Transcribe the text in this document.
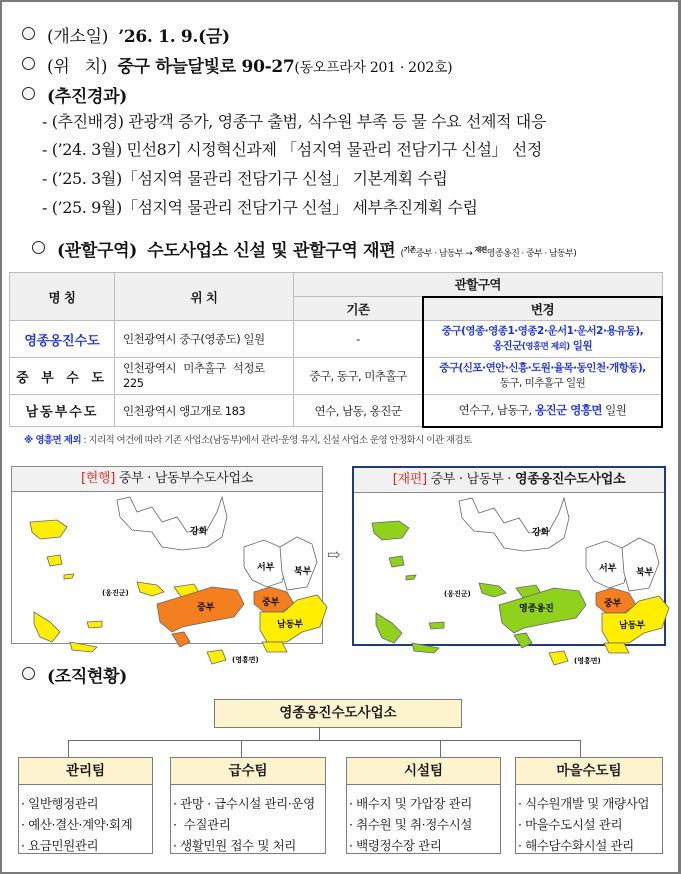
(개소일) ’26. 1. 9.(금)
(위   치) 중구 하늘달빛로 90-27(동오프라자 201 · 202호)
(추진경과)
- (추진배경) 관광객 증가, 영종구 출범, 식수원 부족 등 물 수요 선제적 대응
- (’24. 3월) 민선8기 시정혁신과제 「섬지역 물관리 전담기구 신설」 선정
- (’25. 3월)「섬지역 물관리 전담기구 신설」 기본계획 수립
- (’25. 9월)「섬지역 물관리 전담기구 신설」 세부추진계획 수립
(관할구역) 수도사업소 신설 및 관할구역 재편 ($^{기존}$중부 · 남동부 → $^{재편}$영종옹진 · 중부 · 남동부)
명 칭	위 치	관할구역	
		기존	변경
영종옹진수도	인천광역시 중구(영종도) 일원	-	중구(영종·영종1·영종2·운서1·운서2·용유동),
옹진군(영흥면 제외) 일원
중 부 수 도	인천광역시 미추홀구 석정로 225	중구, 동구, 미추홀구	중구(신포·연안·신흥·도원·율목·동인천·개항동),
동구, 미추홀구 일원
남동부수도	인천광역시 앵고개로 183	연수, 남동, 옹진군	연수구, 남동구, 옹진군 영흥면 일원
※ 영흥면 제외 : 지리적 여건에 따라 기존 사업소(남동부)에서 관리·운영 유지, 신설 사업소 운영 안정화시 이관 재검토
[현행] 중부 · 남동부수도사업소
강화
(옹진군)
서부 북부
중부	중부
남동부
(영흥면)
⇨
[재편] 중부 · 남동부 · 영종옹진수도사업소
강화
(옹진군)
서부 북부
영종옹진	중부
남동부
(영흥면)
(조직현황)
영종옹진수도사업소
관리팀
· 일반행정관리
· 예산·결산·계약·회계
· 요금민원관리
급수팀
· 관망 · 급수시설 관리·운영
·  수질관리
· 생활민원 접수 및 처리
시설팀
· 배수지 및 가압장 관리
· 취수원 및 취·정수시설
· 백령정수장 관리
마을수도팀
· 식수원개발 및 개량사업
· 마을수도시설 관리
· 해수담수화시설 관리
